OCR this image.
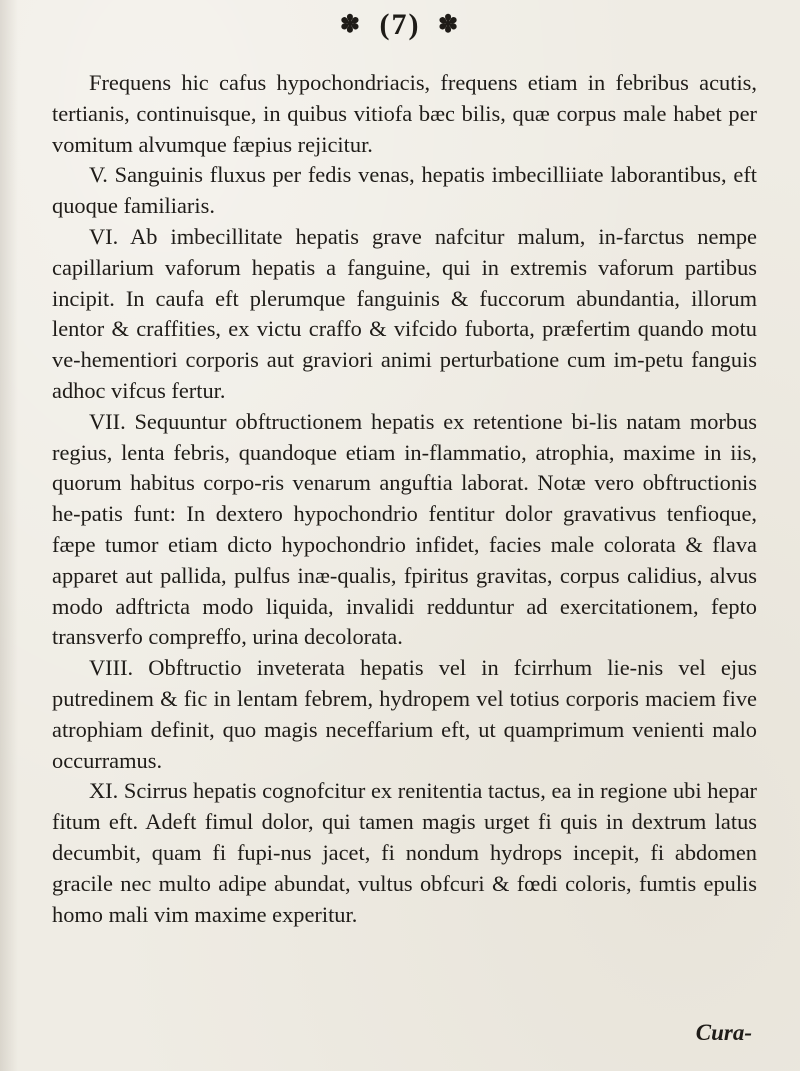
✽ (7) ✽

Frequens hic cafus hypochondriacis, frequens etiam in febribus acutis, tertianis, continuisque, in quibus vitiofa bæc bilis, quæ corpus male habet per vomitum alvumque fæpius rejicitur.

V. Sanguinis fluxus per fedis venas, hepatis imbecilliiate laborantibus, eft quoque familiaris.

VI. Ab imbecillitate hepatis grave nafcitur malum, in-farctus nempe capillarium vaforum hepatis a fanguine, qui in extremis vaforum partibus incipit. In caufa eft plerumque fanguinis & fuccorum abundantia, illorum lentor & craffities, ex victu craffo & vifcido fuborta, præfertim quando motu ve-hementiori corporis aut graviori animi perturbatione cum im-petu fanguis adhoc vifcus fertur.

VII. Sequuntur obftructionem hepatis ex retentione bi-lis natam morbus regius, lenta febris, quandoque etiam in-flammatio, atrophia, maxime in iis, quorum habitus corpo-ris venarum anguftia laborat. Notæ vero obftructionis he-patis funt: In dextero hypochondrio fentitur dolor gravativus tenfioque, fæpe tumor etiam dicto hypochondrio infidet, facies male colorata & flava apparet aut pallida, pulfus inæ-qualis, fpiritus gravitas, corpus calidius, alvus modo adftricta modo liquida, invalidi redduntur ad exercitationem, fepto transverfo compreffo, urina decolorata.

VIII. Obftructio inveterata hepatis vel in fcirrhum lie-nis vel ejus putredinem & fic in lentam febrem, hydropem vel totius corporis maciem five atrophiam definit, quo magis neceffarium eft, ut quamprimum venienti malo occurramus.

XI. Scirrus hepatis cognofcitur ex renitentia tactus, ea in regione ubi hepar fitum eft. Adeft fimul dolor, qui tamen magis urget fi quis in dextrum latus decumbit, quam fi fupi-nus jacet, fi nondum hydrops incepit, fi abdomen gracile nec multo adipe abundat, vultus obfcuri & fœdi coloris, fumtis epulis homo mali vim maxime experitur.

Cura-
